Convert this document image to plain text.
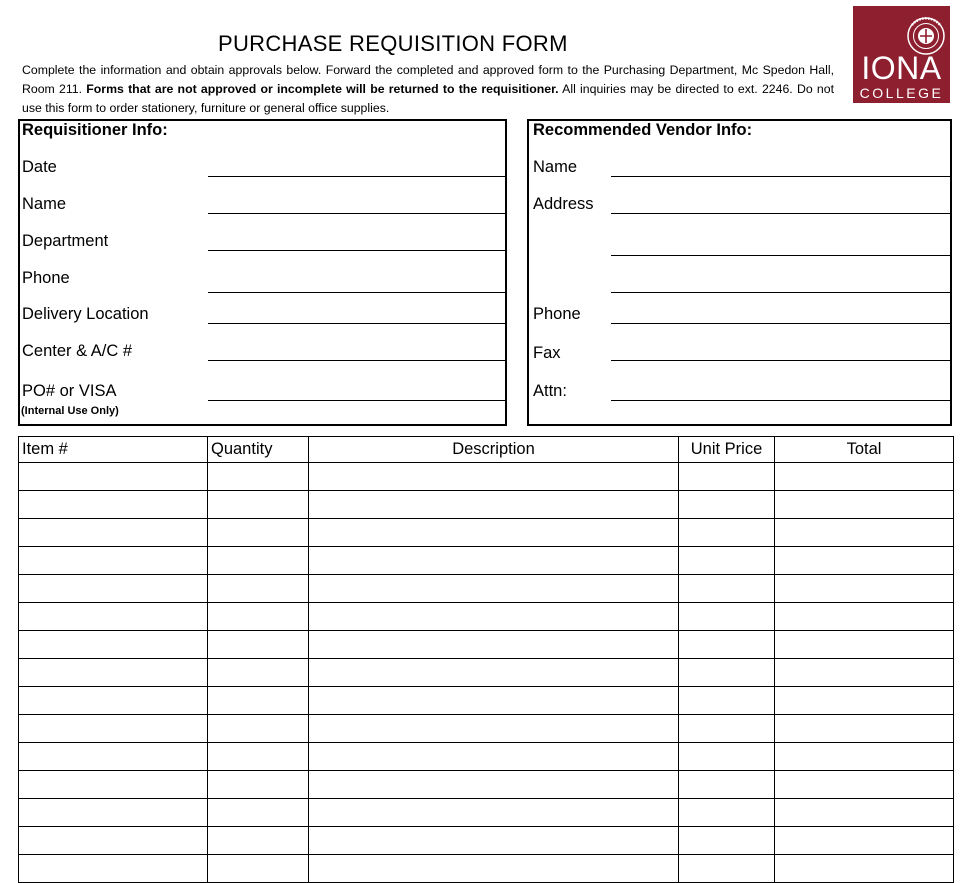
PURCHASE REQUISITION FORM
Complete the information and obtain approvals below. Forward the completed and approved form to the Purchasing Department, Mc Spedon Hall, Room 211. Forms that are not approved or incomplete will be returned to the requisitioner. All inquiries may be directed to ext. 2246. Do not use this form to order stationery, furniture or general office supplies.
IONA
COLLEGE
Requisitioner Info:
Date
Name
Department
Phone
Delivery Location
Center & A/C #
PO# or VISA
(Internal Use Only)
Recommended Vendor Info:
Name
Address
Phone
Fax
Attn:
Item #	Quantity	Description	Unit Price	Total
